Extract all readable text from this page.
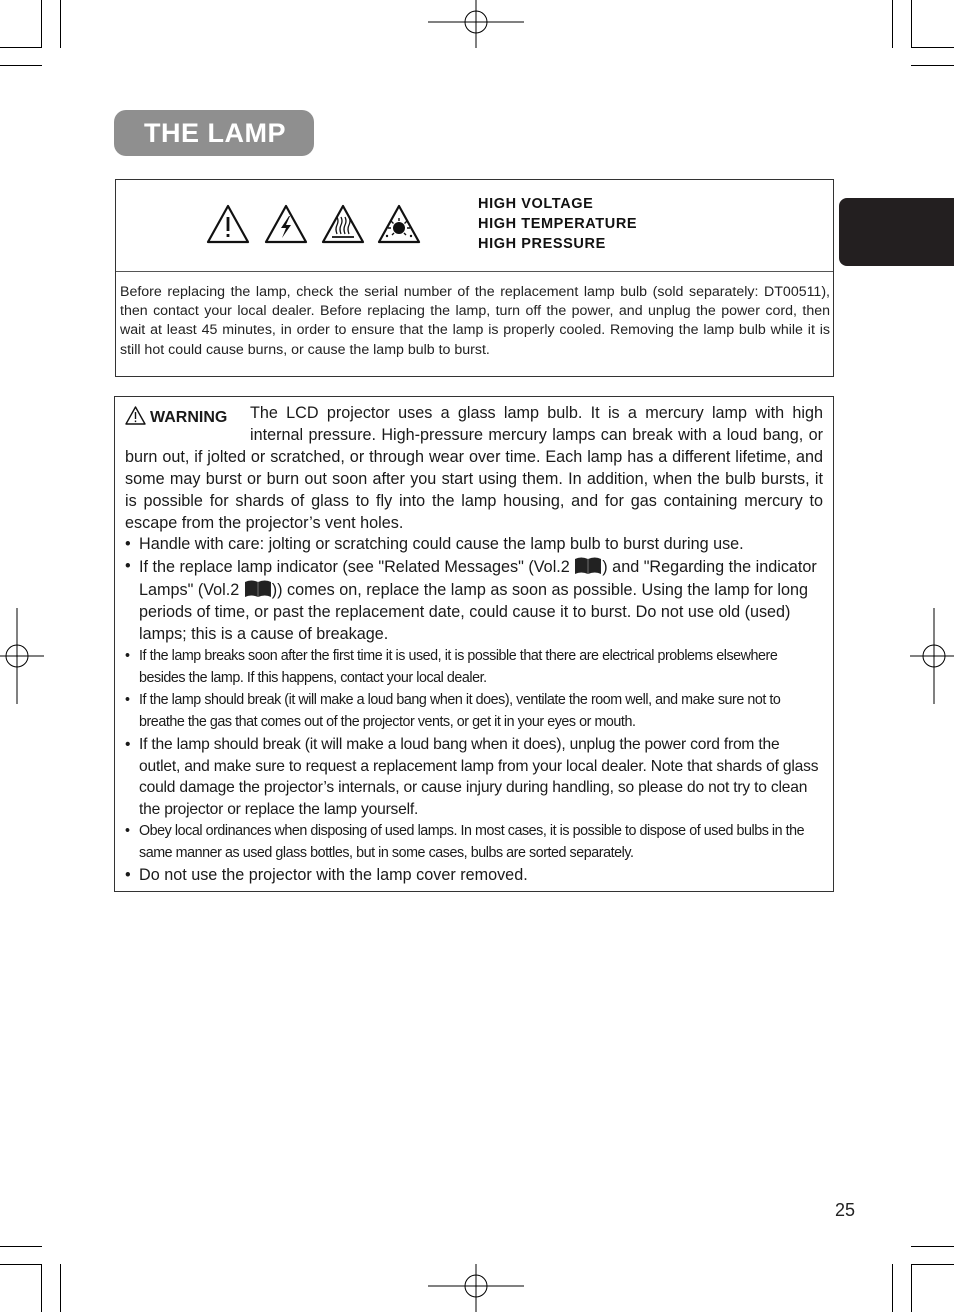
THE LAMP
HIGH VOLTAGE
HIGH TEMPERATURE
HIGH PRESSURE
Before replacing the lamp, check the serial number of the replacement lamp bulb (sold separately: DT00511), then contact your local dealer. Before replacing the lamp, turn off the power, and unplug the power cord, then wait at least 45 minutes, in order to ensure that the lamp is properly cooled. Removing the lamp bulb while it is still hot could cause burns, or cause the lamp bulb to burst.
WARNING	The LCD projector uses a glass lamp bulb. It is a mercury lamp with high internal pressure. High-pressure mercury lamps can break with a loud bang, or burn out, if jolted or scratched, or through wear over time. Each lamp has a different lifetime, and some may burst or burn out soon after you start using them. In addition, when the bulb bursts, it is possible for shards of glass to fly into the lamp housing, and for gas containing mercury to escape from the projector’s vent holes.

• Handle with care: jolting or scratching could cause the lamp bulb to burst during use.
• If the replace lamp indicator (see "Related Messages" (Vol.2 ) and "Regarding the indicator Lamps" (Vol.2 )) comes on, replace the lamp as soon as possible. Using the lamp for long periods of time, or past the replacement date, could cause it to burst. Do not use old (used) lamps; this is a cause of breakage.
• If the lamp breaks soon after the first time it is used, it is possible that there are electrical problems elsewhere besides the lamp. If this happens, contact your local dealer.
• If the lamp should break (it will make a loud bang when it does), ventilate the room well, and make sure not to breathe the gas that comes out of the projector vents, or get it in your eyes or mouth.
• If the lamp should break (it will make a loud bang when it does), unplug the power cord from the outlet, and make sure to request a replacement lamp from your local dealer. Note that shards of glass could damage the projector’s internals, or cause injury during handling, so please do not try to clean the projector or replace the lamp yourself.
• Obey local ordinances when disposing of used lamps. In most cases, it is possible to dispose of used bulbs in the same manner as used glass bottles, but in some cases, bulbs are sorted separately.
• Do not use the projector with the lamp cover removed.
25
